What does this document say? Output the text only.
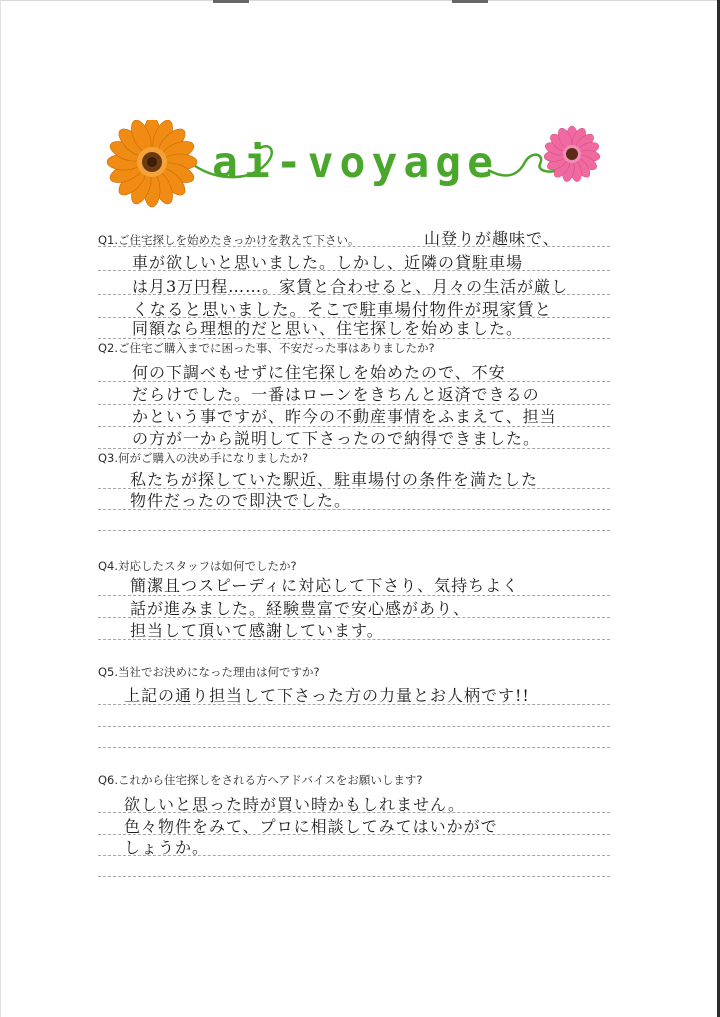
ai-voyage
Q1.ご住宅探しを始めたきっかけを教えて下さい。	山登りが趣味で、
車が欲しいと思いました。しかし、近隣の貸駐車場
は月3万円程……。家賃と合わせると、月々の生活が厳し
くなると思いました。そこで駐車場付物件が現家賃と
同額なら理想的だと思い、住宅探しを始めました。
Q2.ご住宅ご購入までに困った事、不安だった事はありましたか?
何の下調べもせずに住宅探しを始めたので、不安
だらけでした。一番はローンをきちんと返済できるの
かという事ですが、昨今の不動産事情をふまえて、担当
の方が一から説明して下さったので納得できました。
Q3.何がご購入の決め手になりましたか?
私たちが探していた駅近、駐車場付の条件を満たした
物件だったので即決でした。
Q4.対応したスタッフは如何でしたか?
簡潔且つスピーディに対応して下さり、気持ちよく
話が進みました。経験豊富で安心感があり、
担当して頂いて感謝しています。
Q5.当社でお決めになった理由は何ですか?
上記の通り担当して下さった方の力量とお人柄です!!
Q6.これから住宅探しをされる方へアドバイスをお願いします?
欲しいと思った時が買い時かもしれません。
色々物件をみて、プロに相談してみてはいかがで
しょうか。
